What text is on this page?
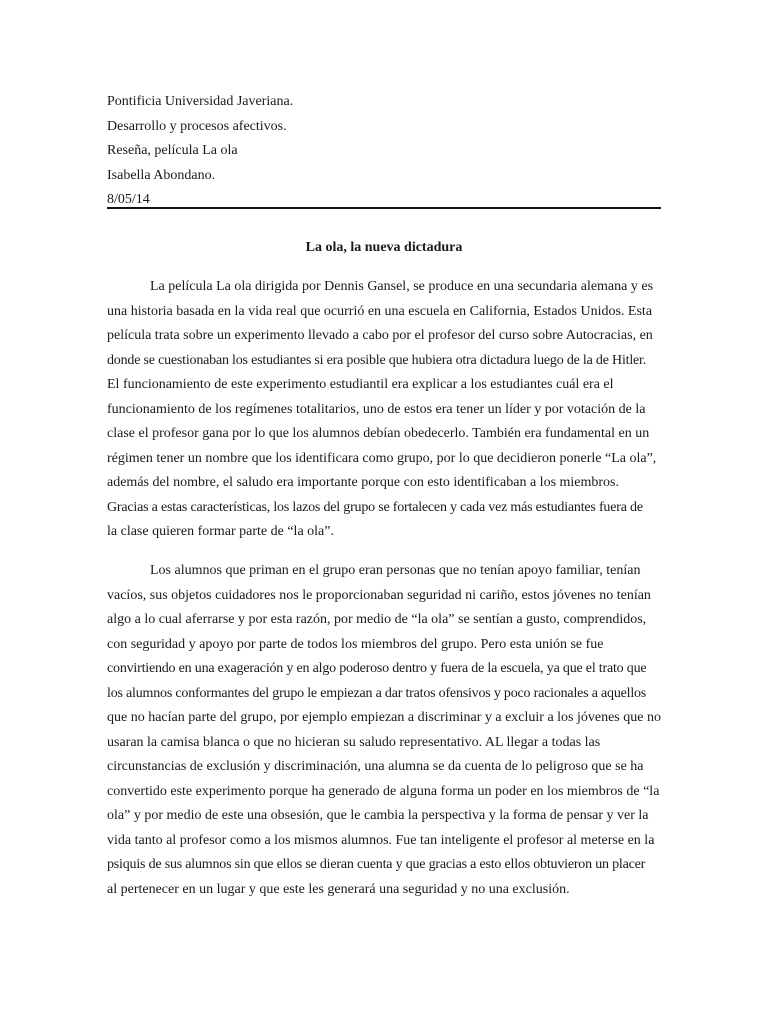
Pontificia Universidad Javeriana.
Desarrollo y procesos afectivos.
Reseña, película La ola
Isabella Abondano.
8/05/14
La ola, la nueva dictadura
La película La ola dirigida por Dennis Gansel, se produce en una secundaria alemana y es
una historia basada en la vida real que ocurrió en una escuela en California, Estados Unidos. Esta
película trata sobre un experimento llevado a cabo por el profesor del curso sobre Autocracias, en
donde se cuestionaban los estudiantes si era posible que hubiera otra dictadura luego de la de Hitler.
El funcionamiento de este experimento estudiantil era explicar a los estudiantes cuál era el
funcionamiento de los regímenes totalitarios, uno de estos era tener un líder y por votación de la
clase el profesor gana por lo que los alumnos debían obedecerlo. También era fundamental en un
régimen tener un nombre que los identificara como grupo, por lo que decidieron ponerle “La ola”,
además del nombre, el saludo era importante porque con esto identificaban a los miembros.
Gracias a estas características, los lazos del grupo se fortalecen y cada vez más estudiantes fuera de
la clase quieren formar parte de “la ola”.
Los alumnos que priman en el grupo eran personas que no tenían apoyo familiar, tenían
vacíos, sus objetos cuidadores nos le proporcionaban seguridad ni cariño, estos jóvenes no tenían
algo a lo cual aferrarse y por esta razón, por medio de “la ola” se sentían a gusto, comprendidos,
con seguridad y apoyo por parte de todos los miembros del grupo. Pero esta unión se fue
convirtiendo en una exageración y en algo poderoso dentro y fuera de la escuela, ya que el trato que
los alumnos conformantes del grupo le empiezan a dar tratos ofensivos y poco racionales a aquellos
que no hacían parte del grupo, por ejemplo empiezan a discriminar y a excluir a los jóvenes que no
usaran la camisa blanca o que no hicieran su saludo representativo. AL llegar a todas las
circunstancias de exclusión y discriminación, una alumna se da cuenta de lo peligroso que se ha
convertido este experimento porque ha generado de alguna forma un poder en los miembros de “la
ola” y por medio de este una obsesión, que le cambia la perspectiva y la forma de pensar y ver la
vida tanto al profesor como a los mismos alumnos. Fue tan inteligente el profesor al meterse en la
psiquis de sus alumnos sin que ellos se dieran cuenta y que gracias a esto ellos obtuvieron un placer
al pertenecer en un lugar y que este les generará una seguridad y no una exclusión.
